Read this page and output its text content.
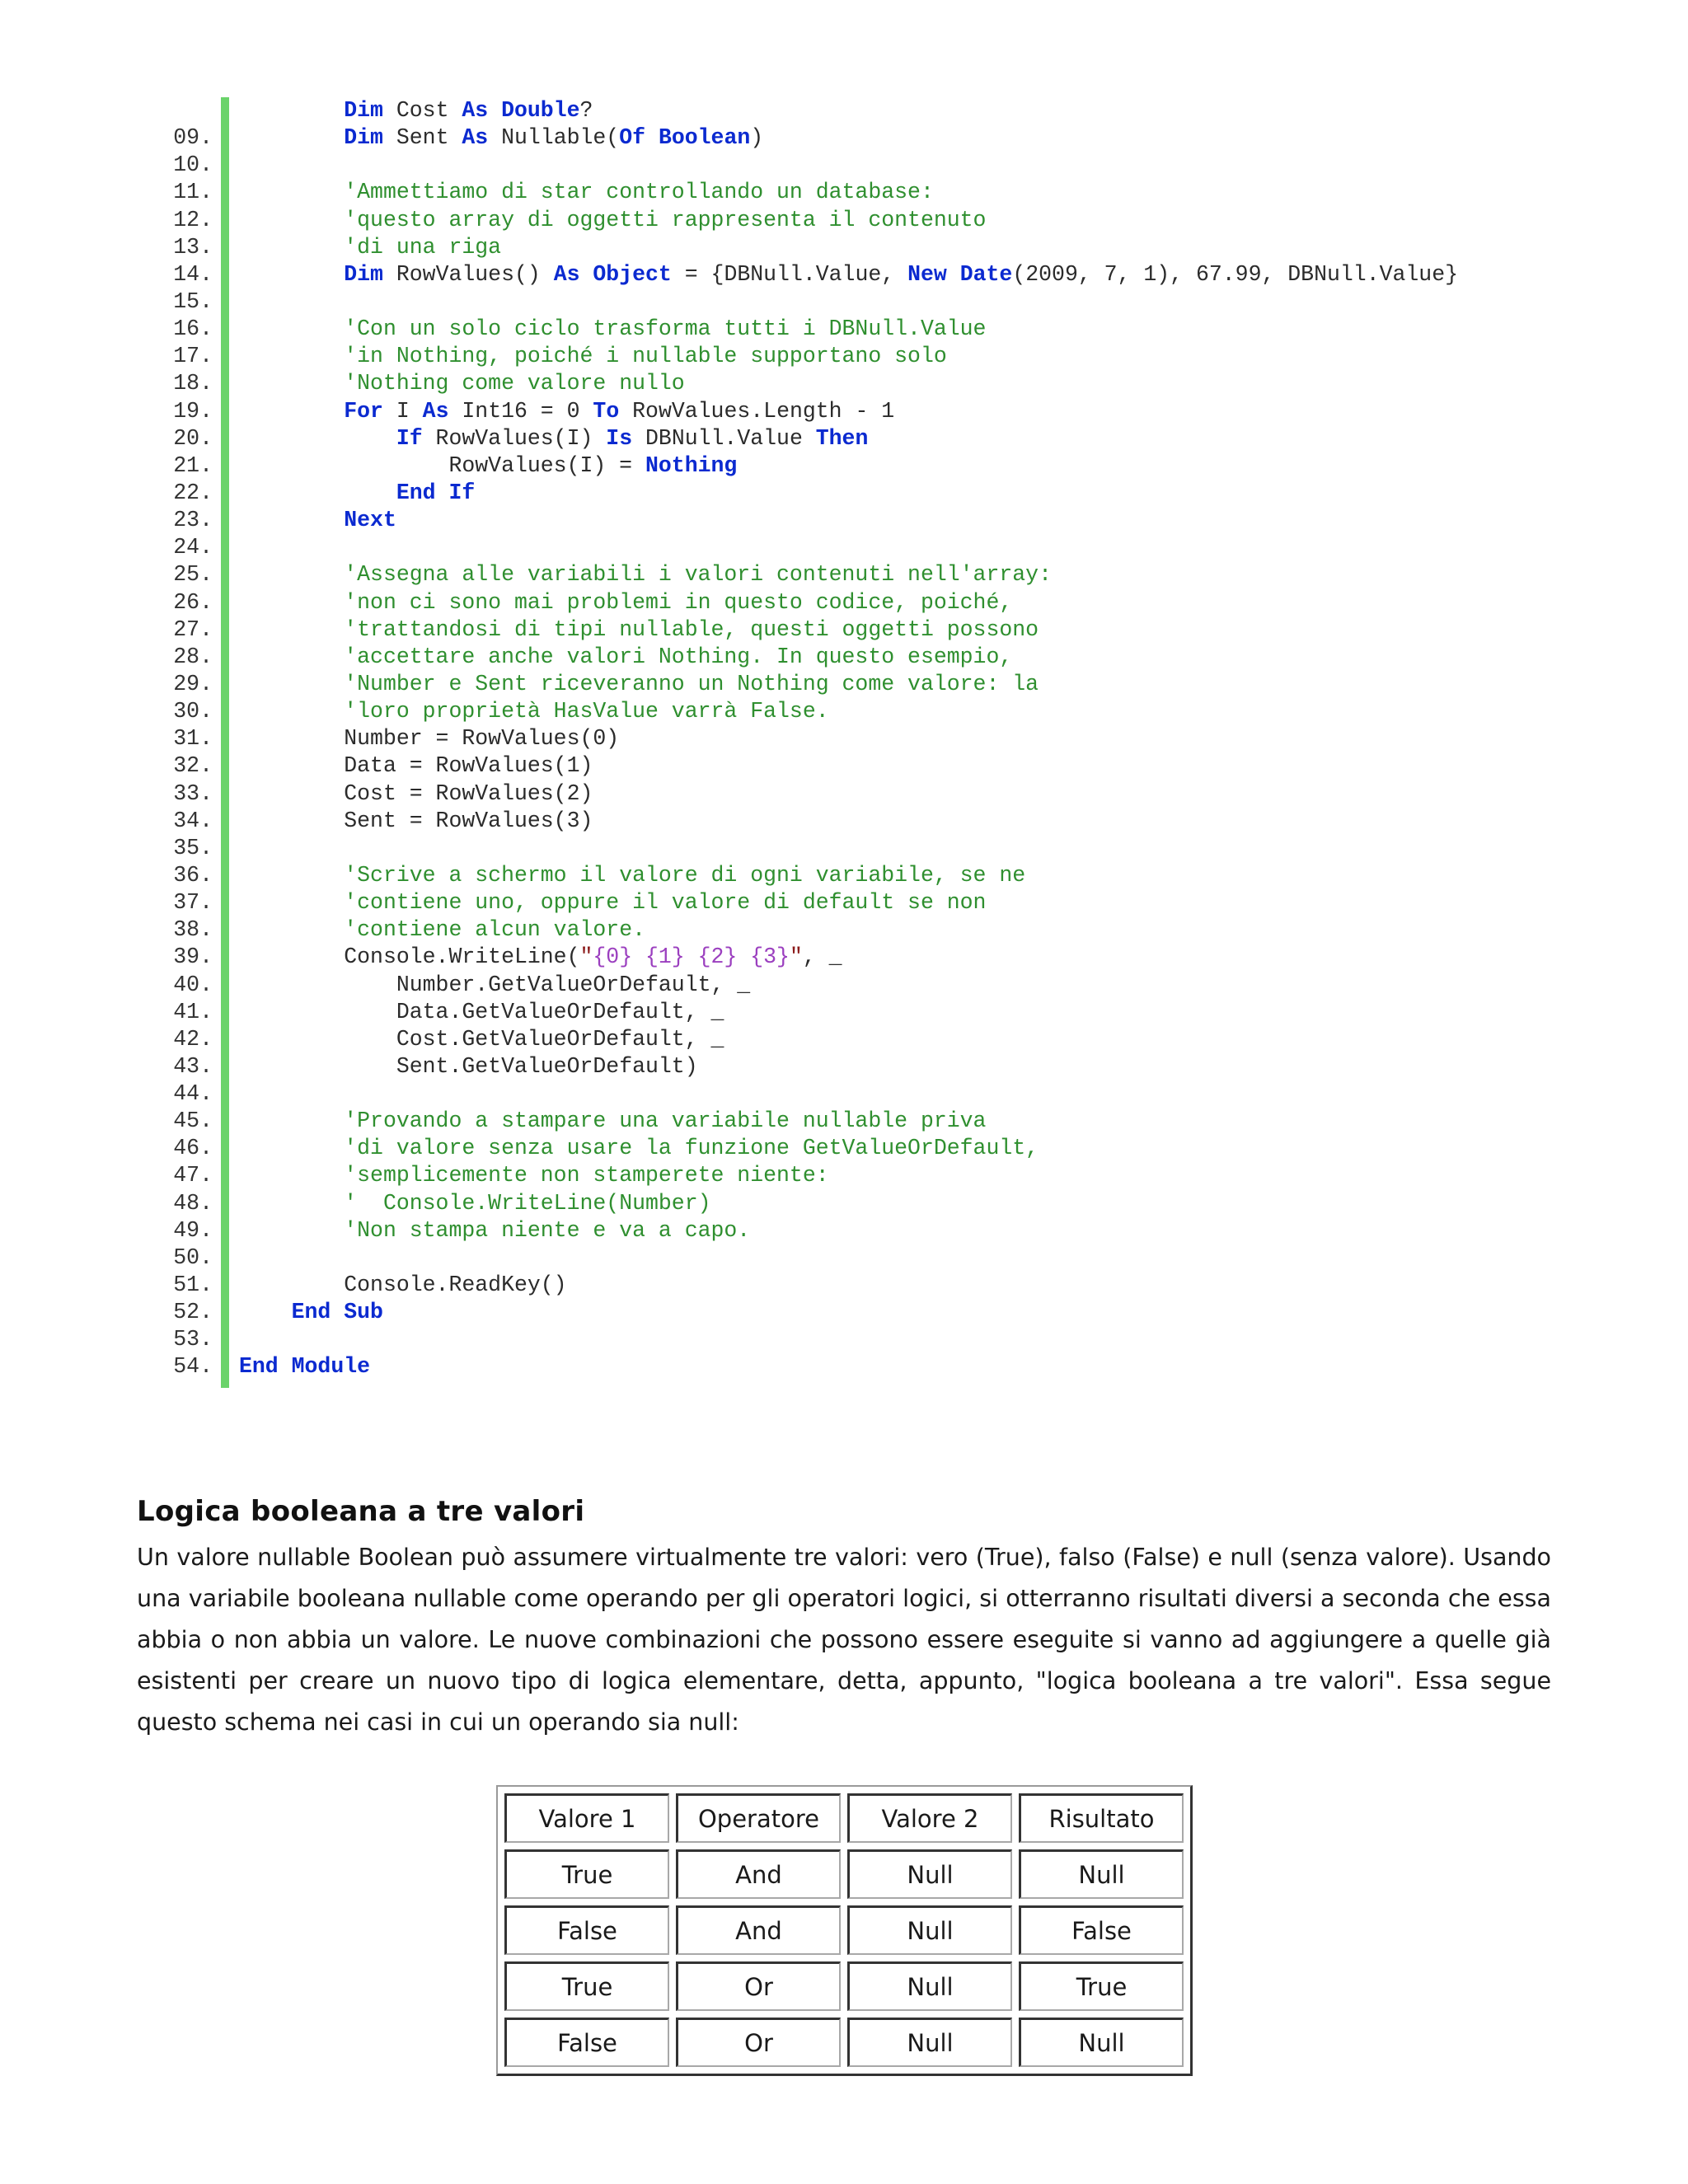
Dim Cost As Double?
09.	Dim Sent As Nullable(Of Boolean)
10.
11.	'Ammettiamo di star controllando un database:
12.	'questo array di oggetti rappresenta il contenuto
13.	'di una riga
14.	Dim RowValues() As Object = {DBNull.Value, New Date(2009, 7, 1), 67.99, DBNull.Value}
15.
16.	'Con un solo ciclo trasforma tutti i DBNull.Value
17.	'in Nothing, poiché i nullable supportano solo
18.	'Nothing come valore nullo
19.	For I As Int16 = 0 To RowValues.Length - 1
20.	If RowValues(I) Is DBNull.Value Then
21.	RowValues(I) = Nothing
22.	End If
23.	Next
24.
25.	'Assegna alle variabili i valori contenuti nell'array:
26.	'non ci sono mai problemi in questo codice, poiché,
27.	'trattandosi di tipi nullable, questi oggetti possono
28.	'accettare anche valori Nothing. In questo esempio,
29.	'Number e Sent riceveranno un Nothing come valore: la
30.	'loro proprietà HasValue varrà False.
31.	Number = RowValues(0)
32.	Data = RowValues(1)
33.	Cost = RowValues(2)
34.	Sent = RowValues(3)
35.
36.	'Scrive a schermo il valore di ogni variabile, se ne
37.	'contiene uno, oppure il valore di default se non
38.	'contiene alcun valore.
39.	Console.WriteLine("{0} {1} {2} {3}", _
40.	Number.GetValueOrDefault, _
41.	Data.GetValueOrDefault, _
42.	Cost.GetValueOrDefault, _
43.	Sent.GetValueOrDefault)
44.
45.	'Provando a stampare una variabile nullable priva
46.	'di valore senza usare la funzione GetValueOrDefault,
47.	'semplicemente non stamperete niente:
48.	'  Console.WriteLine(Number)
49.	'Non stampa niente e va a capo.
50.
51.	Console.ReadKey()
52.	End Sub
53.
54. End Module
Logica booleana a tre valori
Un valore nullable Boolean può assumere virtualmente tre valori: vero (True), falso (False) e null (senza valore). Usando una variabile booleana nullable come operando per gli operatori logici, si otterranno risultati diversi a seconda che essa abbia o non abbia un valore. Le nuove combinazioni che possono essere eseguite si vanno ad aggiungere a quelle già esistenti per creare un nuovo tipo di logica elementare, detta, appunto, "logica booleana a tre valori". Essa segue questo schema nei casi in cui un operando sia null:
Valore 1	Operatore	Valore 2	Risultato
True	And	Null	Null
False	And	Null	False
True	Or	Null	True
False	Or	Null	Null
